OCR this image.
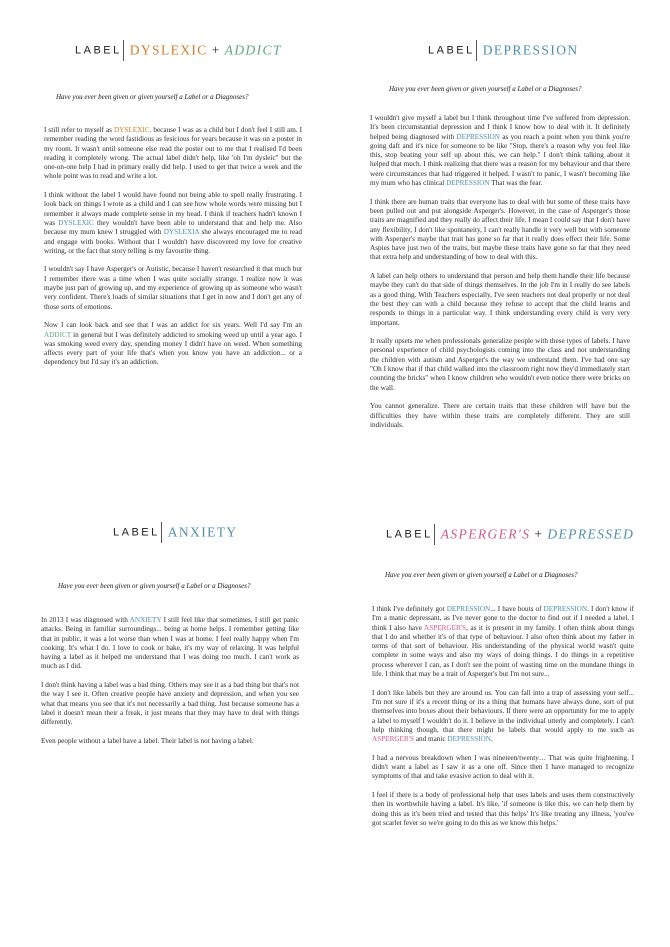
LABEL DYSLEXIC + ADDICT
Have you ever been given or given yourself a Label or a Diagnoses?

I still refer to myself as DYSLEXIC, because I was as a child but I don't feel I still am. I remember reading the word fastidious as fesicious for years because it was on a poster in my room. It wasn't until someone else read the poster out to me that I realised I'd been reading it completely wrong. The actual label didn't help, like 'oh I'm dysleic" but the one-on-one help I had in primary really did help. I used to get that twice a week and the whole point was to read and write a lot.

I think without the label I would have found not being able to spell really frustrating. I look back on things I wrote as a child and I can see how whole words were missing but I remember it always made complete sense in my head. I think if teachers hadn't known I was DYSLEXIC they wouldn't have been able to understand that and help me. Also because my mum knew I struggled with DYSLEXIA she always encouraged me to read and engage with books. Without that I wouldn't have discovered my love for creative writing, or the fact that story telling is my favourite thing.

I wouldn't say I have Asperger's or Autistic, because I haven't researched it that much but I remember there was a time when I was quite socially strange. I realize now it was maybe just part of growing up, and my experience of growing up as someone who wasn't very confident. There's loads of similar situations that I get in now and I don't get any of those sorts of emotions.

Now I can look back and see that I was an addict for six years. Well I'd say I'm an ADDICT in general but I was definitely addicted to smoking weed up until a year ago. I was smoking weed every day, spending money I didn't have on weed. When something affects every part of your life that's when you know you have an addiction... or a dependency but I'd say it's an addiction.

LABEL DEPRESSION
Have you ever been given or given yourself a Label or a Diagnoses?

I wouldn't give myself a label but I think throughout time I've suffered from depression. It's been circumstantial depression and I think I know how to deal with it. It definitely helped being diagnosed with DEPRESSION as you reach a point when you think you're going daft and it's nice for someone to be like "Stop, there's a reason why you feel like this, stop beating your self up about this, we can help." I don't think talking about it helped that much. I think realizing that there was a reason for my behaviour and that there were circumstances that had triggered it helped. I wasn't to panic, I wasn't becoming like my mum who has clinical DEPRESSION That was the fear.

I think there are human traits that everyone has to deal with but some of these traits have been pulled out and put alongside Asperger's. However, in the case of Asperger's those traits are magnified and they really do affect their life. I mean I could say that I don't have any flexibility, I don't like spontaneity, I can't really handle it very well but with someone with Asperger's maybe that trait has gone so far that it really does effect their life. Some Aspies have just two of the traits, but maybe these traits have gone so far that they need that extra help and understanding of how to deal with this.

A label can help others to understand that person and help them handle their life because maybe they can't do that side of things themselves. In the job I'm in I really do see labels as a good thing. With Teachers especially, I've seen teachers not deal properly or not deal the best they can with a child because they refuse to accept that the child learns and responds to things in a particular way. I think understanding every child is very very important.

It really upsets me when professionals generalize people with these types of labels. I have personal experience of child psychologists coming into the class and not understanding the children with autism and Asperger's the way we understand them. I've had one say "Oh I know that if that child walked into the classroom right now they'd immediately start counting the bricks" when I know children who wouldn't even notice there were bricks on the wall.

You cannot generalize. There are certain traits that these children will have but the difficulties they have within these traits are completely different. They are still individuals.

LABEL ANXIETY
Have you ever been given or given yourself a Label or a Diagnoses?

In 2013 I was diagnosed with ANXIETY I still feel like that sometimes, I still get panic attacks. Being in familiar surroundings... being at home helps. I remember getting like that in public, it was a lot worse than when I was at home. I feel really happy when I'm cooking. It's what I do. I love to cook or bake, it's my way of relaxing. It was helpful having a label as it helped me understand that I was doing too much. I can't work as much as I did.

I don't think having a label was a bad thing. Others may see it as a bad thing but that's not the way I see it. Often creative people have anxiety and depression, and when you see what that means you see that it's not necessarily a bad thing. Just because someone has a label it doesn't mean their a freak, it just means that they may have to deal with things differently.

Even people without a label have a label. Their label is not having a label.

LABEL ASPERGER'S + DEPRESSED
Have you ever been given or given yourself a Label or a Diagnoses?

I think I've definitely got DEPRESSION... I have bouts of DEPRESSION. I don't know if I'm a manic depressant, as I've never gone to the doctor to find out if I needed a label. I think I also have ASPERGER'S, as it is present in my family. I often think about things that I do and whether it's of that type of behaviour. I also often think about my father in terms of that sort of behaviour. His understanding of the physical world wasn't quite complete in some ways and also my ways of doing things. I do things in a repetitive process wherever I can, as I don't see the point of wasting time on the mundane things in life. I think that may be a trait of Asperger's but I'm not sure...

I don't like labels but they are around us. You can fall into a trap of assessing your self... I'm not sure if it's a recent thing or its a thing that humans have always done, sort of put themselves into boxes about their behaviours. If there were an opportunity for me to apply a label to myself I wouldn't do it. I believe in the individual utterly and completely. I can't help thinking though, that there might be labels that would apply to me such as ASPERGER'S and manic DEPRESSION.

I had a nervous breakdown when I was nineteen/twenty… That was quite frightening. I didn't want a label as I saw it as a one off. Since then I have managed to recognize symptoms of that and take evasive action to deal with it.

I feel if there is a body of professional help that uses labels and uses them constructively then its worthwhile having a label. It's like, 'if someone is like this, we can help them by doing this as it's been tried and tested that this helps' It's like treating any illness, 'you've got scarlet fever so we're going to do this as we know this helps.'
